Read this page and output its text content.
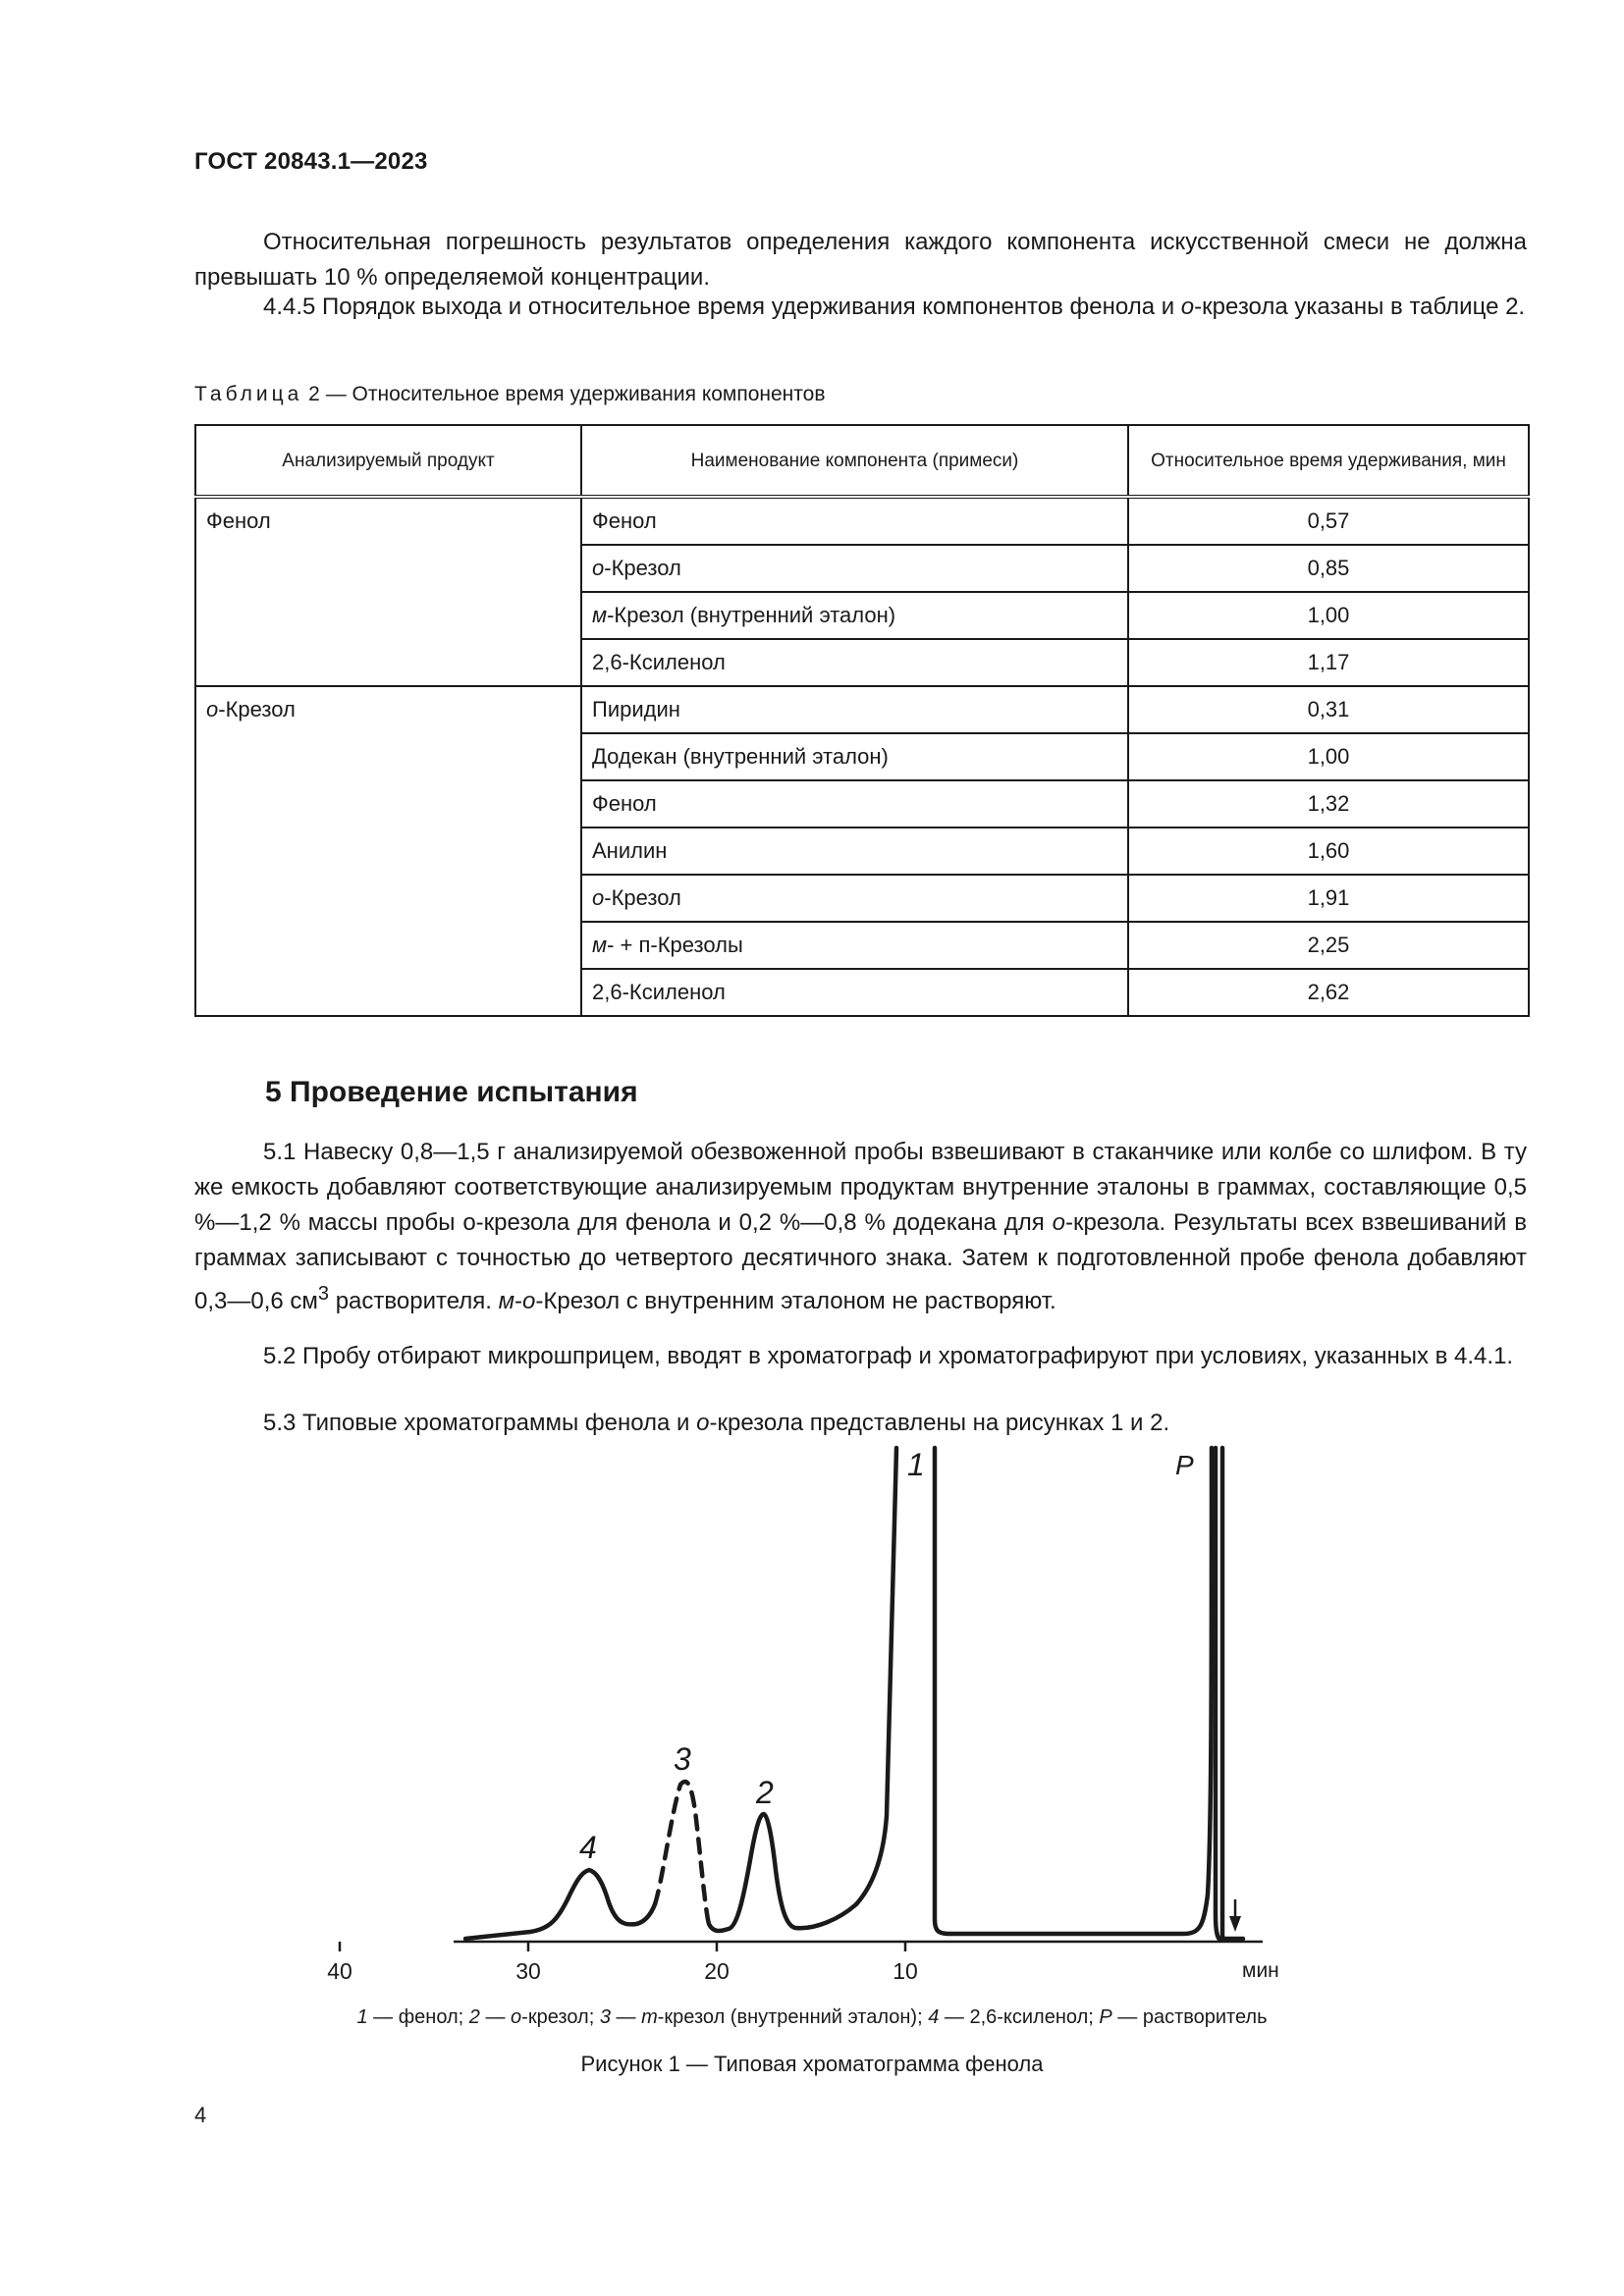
ГОСТ 20843.1—2023

Относительная погрешность результатов определения каждого компонента искусственной смеси не должна превышать 10 % определяемой концентрации.

4.4.5 Порядок выхода и относительное время удерживания компонентов фенола и о-крезола указаны в таблице 2.

Таблица 2 — Относительное время удерживания компонентов
Анализируемый продукт	Наименование компонента (примеси)	Относительное время удерживания, мин
Фенол	Фенол	0,57
	о-Крезол	0,85
	м-Крезол (внутренний эталон)	1,00
	2,6-Ксиленол	1,17
о-Крезол	Пиридин	0,31
	Додекан (внутренний эталон)	1,00
	Фенол	1,32
	Анилин	1,60
	о-Крезол	1,91
	м- + п-Крезолы	2,25
	2,6-Ксиленол	2,62
5 Проведение испытания

5.1 Навеску 0,8—1,5 г анализируемой обезвоженной пробы взвешивают в стаканчике или колбе со шлифом. В ту же емкость добавляют соответствующие анализируемым продуктам внутренние эталоны в граммах, составляющие 0,5 %—1,2 % массы пробы о-крезола для фенола и 0,2 %—0,8 % додекана для о-крезола. Результаты всех взвешиваний в граммах записывают с точностью до четвертого десятичного знака. Затем к подготовленной пробе фенола добавляют 0,3—0,6 $см^3$ растворителя. м-о-Крезол с внутренним эталоном не растворяют.

5.2 Пробу отбирают микрошприцем, вводят в хроматограф и хроматографируют при условиях, указанных в 4.4.1.

5.3 Типовые хроматограммы фенола и о-крезола представлены на рисунках 1 и 2.

40	30	20	10	мин
4
3
2
1	P
1 — фенол; 2 — о-крезол; 3 — m-крезол (внутренний эталон); 4 — 2,6-ксиленол; P — растворитель
Рисунок 1 — Типовая хроматограмма фенола
4
